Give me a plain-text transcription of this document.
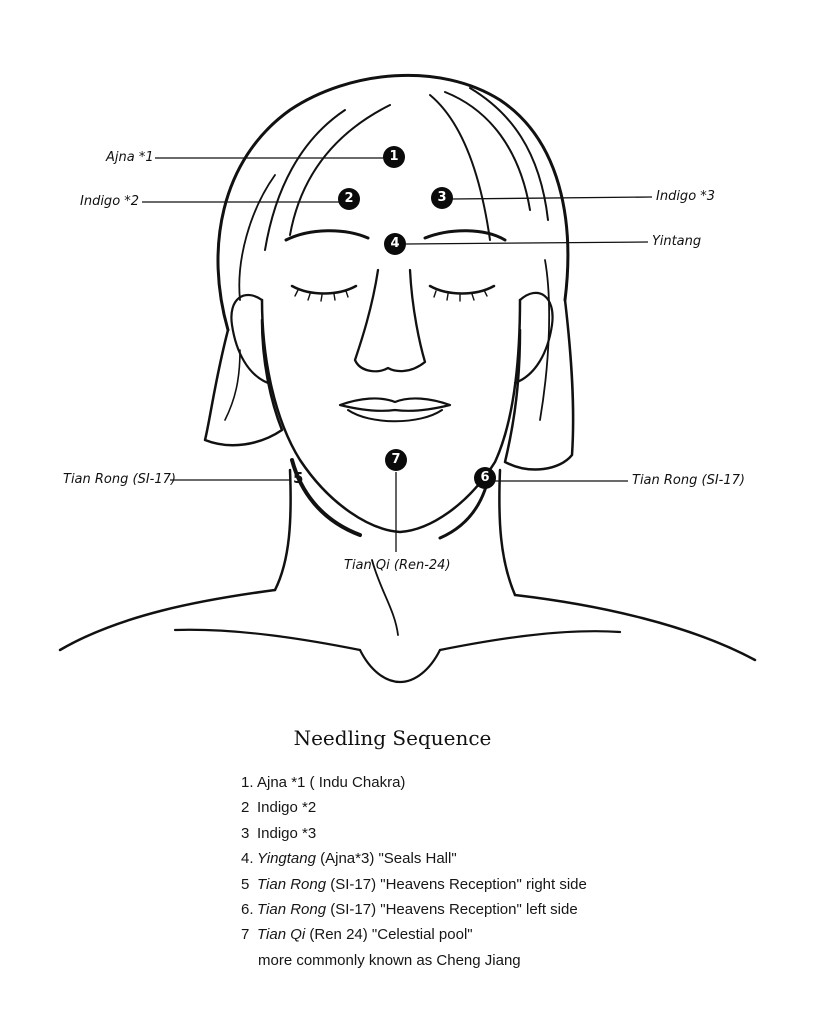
1
2	3
4
5	6
7
Ajna *1
Indigo *2	Indigo *3
Yintang
Tian Rong (SI-17)	Tian Rong (SI-17)
Tian Qi (Ren-24)
Needling Sequence
1. Ajna *1 ( Indu Chakra)
2 Indigo *2
3 Indigo *3
4. Yingtang (Ajna*3) "Seals Hall"
5 Tian Rong (SI-17) "Heavens Reception" right side
6. Tian Rong (SI-17) "Heavens Reception" left side
7 Tian Qi (Ren 24) "Celestial pool"
more commonly known as Cheng Jiang
